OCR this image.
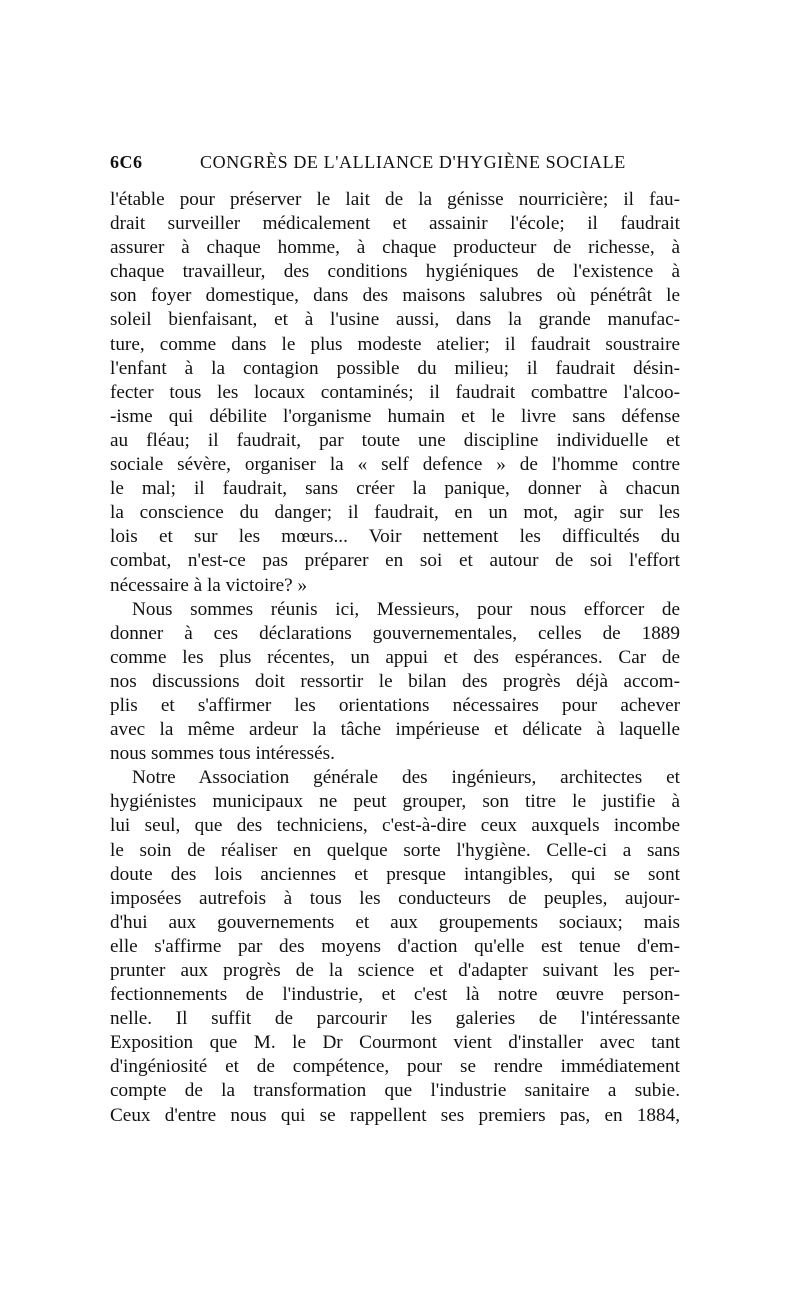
6C6	CONGRÈS DE L'ALLIANCE D'HYGIÈNE SOCIALE
l'étable pour préserver le lait de la génisse nourricière; il fau-
drait surveiller médicalement et assainir l'école; il faudrait
assurer à chaque homme, à chaque producteur de richesse, à
chaque travailleur, des conditions hygiéniques de l'existence à
son foyer domestique, dans des maisons salubres où pénétrât le
soleil bienfaisant, et à l'usine aussi, dans la grande manufac-
ture, comme dans le plus modeste atelier; il faudrait soustraire
l'enfant à la contagion possible du milieu; il faudrait désin-
fecter tous les locaux contaminés; il faudrait combattre l'alcoo-
-isme qui débilite l'organisme humain et le livre sans défense
au fléau; il faudrait, par toute une discipline individuelle et
sociale sévère, organiser la « self defence » de l'homme contre
le mal; il faudrait, sans créer la panique, donner à chacun
la conscience du danger; il faudrait, en un mot, agir sur les
lois et sur les mœurs... Voir nettement les difficultés du
combat, n'est-ce pas préparer en soi et autour de soi l'effort
nécessaire à la victoire? »
Nous sommes réunis ici, Messieurs, pour nous efforcer de
donner à ces déclarations gouvernementales, celles de 1889
comme les plus récentes, un appui et des espérances. Car de
nos discussions doit ressortir le bilan des progrès déjà accom-
plis et s'affirmer les orientations nécessaires pour achever
avec la même ardeur la tâche impérieuse et délicate à laquelle
nous sommes tous intéressés.
Notre Association générale des ingénieurs, architectes et
hygiénistes municipaux ne peut grouper, son titre le justifie à
lui seul, que des techniciens, c'est-à-dire ceux auxquels incombe
le soin de réaliser en quelque sorte l'hygiène. Celle-ci a sans
doute des lois anciennes et presque intangibles, qui se sont
imposées autrefois à tous les conducteurs de peuples, aujour-
d'hui aux gouvernements et aux groupements sociaux; mais
elle s'affirme par des moyens d'action qu'elle est tenue d'em-
prunter aux progrès de la science et d'adapter suivant les per-
fectionnements de l'industrie, et c'est là notre œuvre person-
nelle. Il suffit de parcourir les galeries de l'intéressante
Exposition que M. le Dr Courmont vient d'installer avec tant
d'ingéniosité et de compétence, pour se rendre immédiatement
compte de la transformation que l'industrie sanitaire a subie.
Ceux d'entre nous qui se rappellent ses premiers pas, en 1884,
